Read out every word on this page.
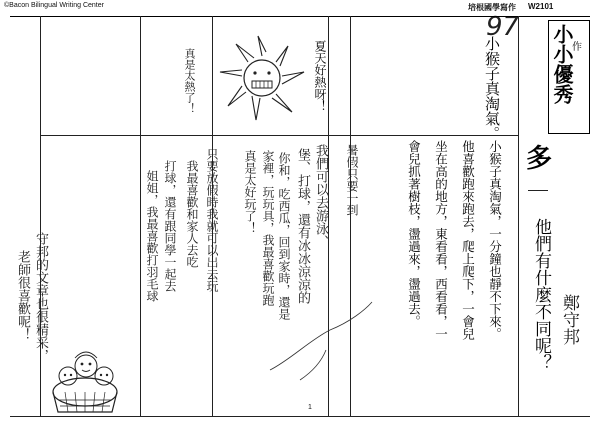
©Bacon Bilingual Writing Center	培根國學寫作 W2101
97
1
小小優秀
作
多
小猴子真淘氣。
小猴子真淘氣，一分鐘也靜不下來。
他喜歡跑來跑去，爬上爬下，一會兒
坐在高的地方，東看看，西看看，一
會兒抓著樹枝，盪過來，盪過去。	他們有什麼不同呢？ 鄭守邦
夏天好熱呀！
真是太熱了！
暑假只要一到
我們可以去游泳、
堡、打球，還有冰冰涼涼的
你和，吃西瓜，回到家時，還是
家裡，玩玩具，我最喜歡玩跑
真是太好玩了！
只要放假時我就可以出去玩
我最喜歡和家人去吃
打球，還有跟同學一起去
姐姐，我最喜歡打羽毛球
守邦的文章也很精采，
老師很喜歡呢！
